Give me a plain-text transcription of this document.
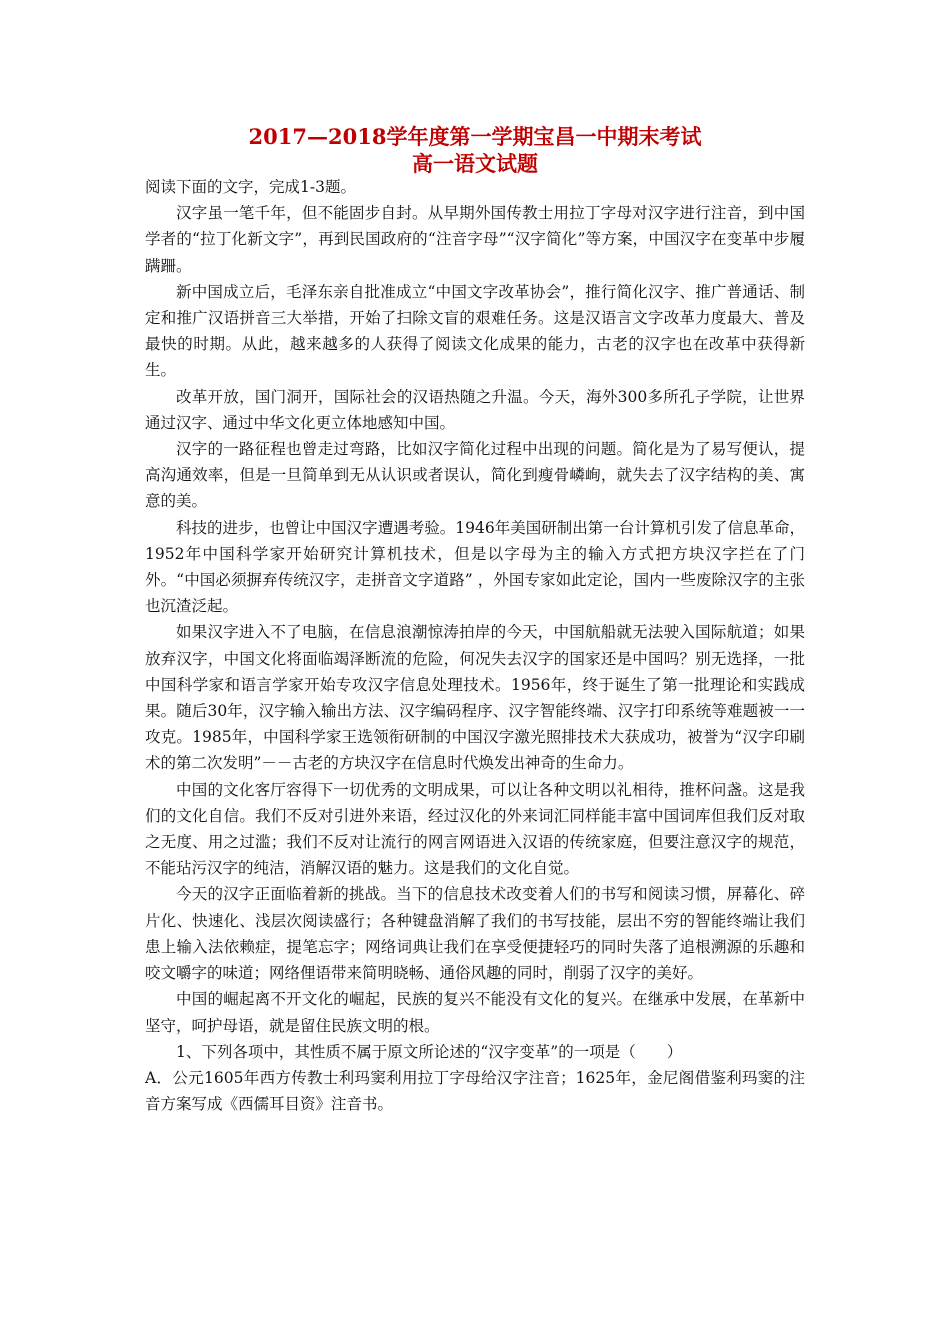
2017—2018学年度第一学期宝昌一中期末考试
高一语文试题

阅读下面的文字，完成1-3题。

汉字虽一笔千年，但不能固步自封。从早期外国传教士用拉丁字母对汉字进行注音，到中国学者的“拉丁化新文字”，再到民国政府的“注音字母”“汉字简化”等方案，中国汉字在变革中步履蹒跚。

新中国成立后，毛泽东亲自批准成立“中国文字改革协会”，推行简化汉字、推广普通话、制定和推广汉语拼音三大举措，开始了扫除文盲的艰难任务。这是汉语言文字改革力度最大、普及最快的时期。从此，越来越多的人获得了阅读文化成果的能力，古老的汉字也在改革中获得新生。

改革开放，国门洞开，国际社会的汉语热随之升温。今天，海外300多所孔子学院，让世界通过汉字、通过中华文化更立体地感知中国。

汉字的一路征程也曾走过弯路，比如汉字简化过程中出现的问题。简化是为了易写便认，提高沟通效率，但是一旦简单到无从认识或者误认，简化到瘦骨嶙峋，就失去了汉字结构的美、寓意的美。

科技的进步，也曾让中国汉字遭遇考验。1946年美国研制出第一台计算机引发了信息革命，1952年中国科学家开始研究计算机技术，但是以字母为主的输入方式把方块汉字拦在了门外。“中国必须摒弃传统汉字，走拼音文字道路” ，外国专家如此定论，国内一些废除汉字的主张也沉渣泛起。

如果汉字进入不了电脑，在信息浪潮惊涛拍岸的今天，中国航船就无法驶入国际航道；如果放弃汉字，中国文化将面临竭泽断流的危险，何况失去汉字的国家还是中国吗？别无选择，一批中国科学家和语言学家开始专攻汉字信息处理技术。1956年，终于诞生了第一批理论和实践成果。随后30年，汉字输入输出方法、汉字编码程序、汉字智能终端、汉字打印系统等难题被一一攻克。1985年，中国科学家王选领衔研制的中国汉字激光照排技术大获成功，被誉为“汉字印刷术的第二次发明”－－古老的方块汉字在信息时代焕发出神奇的生命力。

中国的文化客厅容得下一切优秀的文明成果，可以让各种文明以礼相待，推杯问盏。这是我们的文化自信。我们不反对引进外来语，经过汉化的外来词汇同样能丰富中国词库但我们反对取之无度、用之过滥；我们不反对让流行的网言网语进入汉语的传统家庭，但要注意汉字的规范，不能玷污汉字的纯洁，消解汉语的魅力。这是我们的文化自觉。

今天的汉字正面临着新的挑战。当下的信息技术改变着人们的书写和阅读习惯，屏幕化、碎片化、快速化、浅层次阅读盛行；各种键盘消解了我们的书写技能，层出不穷的智能终端让我们患上输入法依赖症，提笔忘字；网络词典让我们在享受便捷轻巧的同时失落了追根溯源的乐趣和咬文嚼字的味道；网络俚语带来简明晓畅、通俗风趣的同时，削弱了汉字的美好。

中国的崛起离不开文化的崛起，民族的复兴不能没有文化的复兴。在继承中发展，在革新中坚守，呵护母语，就是留住民族文明的根。

1、下列各项中，其性质不属于原文所论述的“汉字变革”的一项是（　　）

A．公元1605年西方传教士利玛窦利用拉丁字母给汉字注音；1625年，金尼阁借鉴利玛窦的注音方案写成《西儒耳目资》注音书。
